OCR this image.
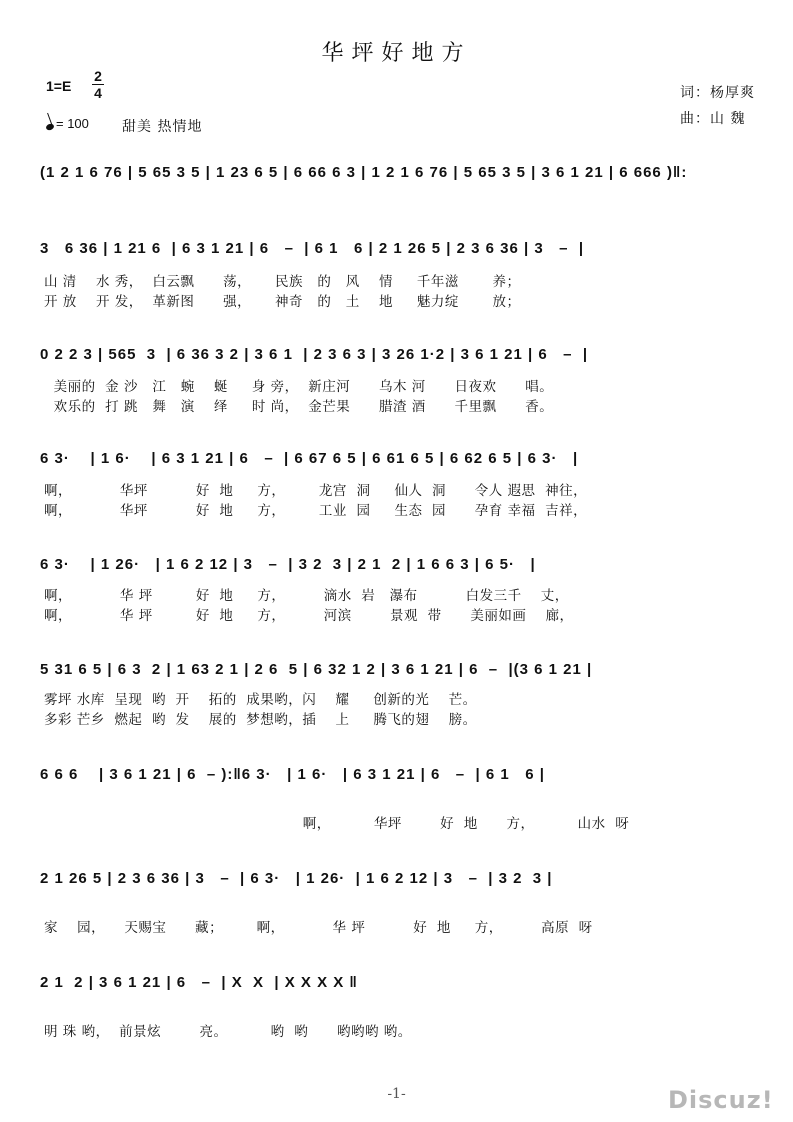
华坪好地方
1=E
2
4
= 100 甜美 热情地
词：杨厚爽
曲：山 魏
(1 2 1 6 76 | 5 65 3 5 | 1 23 6 5 | 6 66 6 3 | 1 2 1 6 76 | 5 65 3 5 | 3 6 1 21 | 6 666 )‖:
3   6 36 | 1 21 6  | 6 3 1 21 | 6   –  | 6 1   6 | 2 1 26 5 | 2 3 6 36 | 3   –  |
山 清    水 秀，  白云飘      荡，     民族   的   风    情     千年滋       养；
开 放    开 发，  革新图      强，     神奇   的   土    地     魅力绽       放；
0 2 2 3 | 565  3  | 6 36 3 2 | 3 6 1  | 2 3 6 3 | 3 26 1·2 | 3 6 1 21 | 6   –  |
美丽的  金 沙   江   蜿    蜒     身 旁，  新庄河      乌木 河      日夜欢      唱。
欢乐的  打 跳   舞   演    绎     时 尚，  金芒果      腊渣 酒      千里飘      香。
6 3·    | 1 6·    | 6 3 1 21 | 6   –  | 6 67 6 5 | 6 61 6 5 | 6 62 6 5 | 6 3·   |
啊，          华坪          好  地     方，       龙宫  洞     仙人  洞      令人 遐思  神往，
啊，          华坪          好  地     方，       工业  园     生态  园      孕育 幸福  吉祥，
6 3·    | 1 26·   | 1 6 2 12 | 3   –  | 3 2  3 | 2 1  2 | 1 6 6 3 | 6 5·   |
啊，          华 坪         好  地     方，        滴水  岩   瀑布          白发三千    丈，
啊，          华 坪         好  地     方，        河滨        景观  带      美丽如画    廊，
5 31 6 5 | 6 3  2 | 1 63 2 1 | 2 6  5 | 6 32 1 2 | 3 6 1 21 | 6  –  |(3 6 1 21 |
雾坪 水库  呈现  哟  开    拓的  成果哟，闪    耀     创新的光    芒。
多彩 芒乡  燃起  哟  发    展的  梦想哟，插    上     腾飞的翅    膀。
6 6 6    | 3 6 1 21 | 6  – ):‖6 3·   | 1 6·   | 6 3 1 21 | 6   –  | 6 1   6 |
啊，         华坪        好  地      方，         山水  呀
2 1 26 5 | 2 3 6 36 | 3   –  | 6 3·   | 1 26·  | 1 6 2 12 | 3   –  | 3 2  3 |
家    园，    天赐宝      藏；       啊，          华 坪          好  地     方，        高原  呀
2 1  2 | 3 6 1 21 | 6   –  | X  X  | X X X X ‖
明 珠 哟，  前景炫        亮。         哟  哟      哟哟哟 哟。
-1-	Discuz!
